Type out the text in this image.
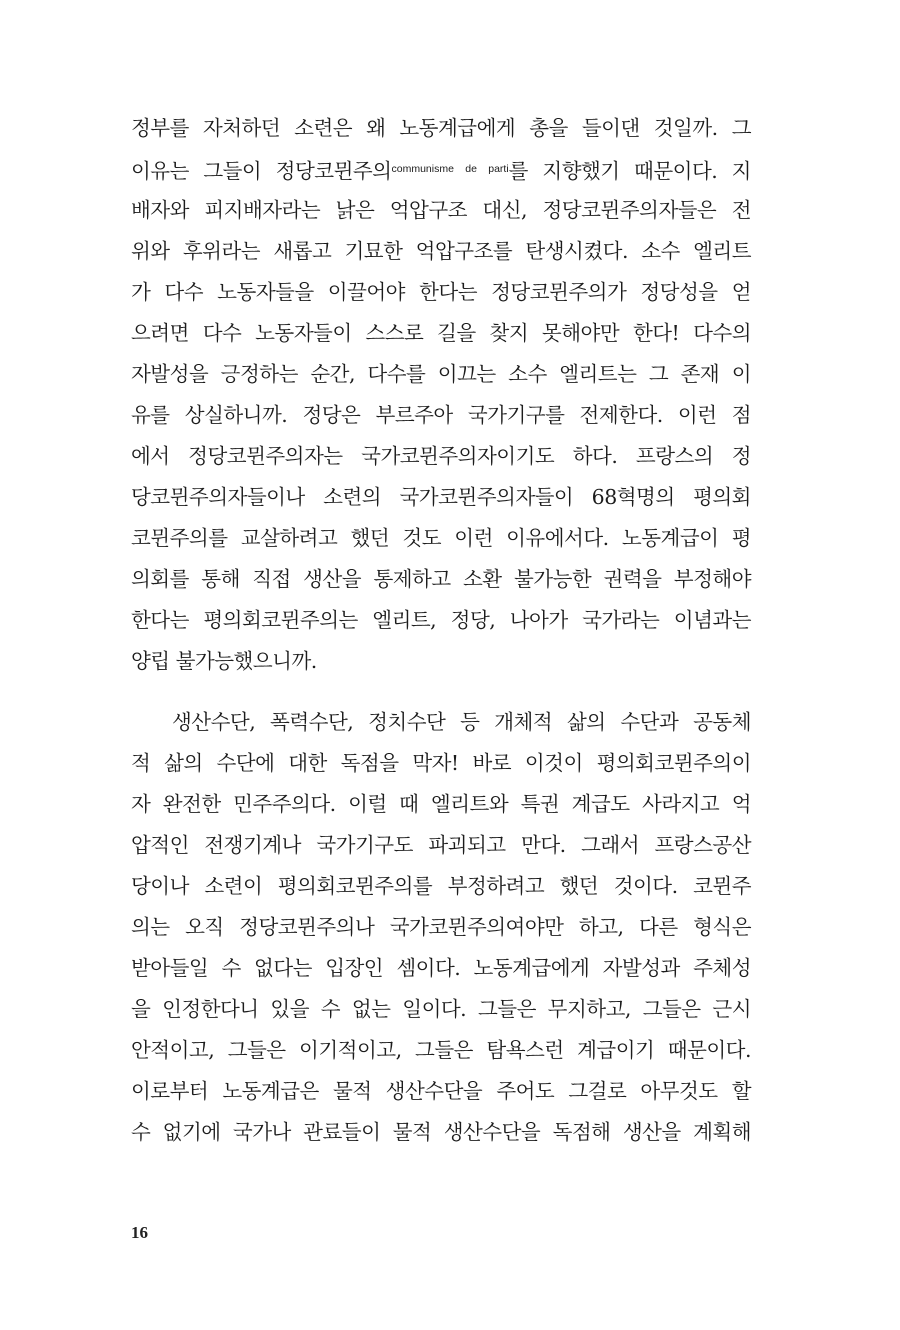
정부를 자처하던 소련은 왜 노동계급에게 총을 들이댄 것일까. 그
이유는 그들이 정당코뮌주의$^{communisme de parti}$를 지향했기 때문이다. 지
배자와 피지배자라는 낡은 억압구조 대신, 정당코뮌주의자들은 전
위와 후위라는 새롭고 기묘한 억압구조를 탄생시켰다. 소수 엘리트
가 다수 노동자들을 이끌어야 한다는 정당코뮌주의가 정당성을 얻
으려면 다수 노동자들이 스스로 길을 찾지 못해야만 한다! 다수의
자발성을 긍정하는 순간, 다수를 이끄는 소수 엘리트는 그 존재 이
유를 상실하니까. 정당은 부르주아 국가기구를 전제한다. 이런 점
에서 정당코뮌주의자는 국가코뮌주의자이기도 하다. 프랑스의 정
당코뮌주의자들이나 소련의 국가코뮌주의자들이 68혁명의 평의회
코뮌주의를 교살하려고 했던 것도 이런 이유에서다. 노동계급이 평
의회를 통해 직접 생산을 통제하고 소환 불가능한 권력을 부정해야
한다는 평의회코뮌주의는 엘리트, 정당, 나아가 국가라는 이념과는
양립 불가능했으니까.
생산수단, 폭력수단, 정치수단 등 개체적 삶의 수단과 공동체
적 삶의 수단에 대한 독점을 막자! 바로 이것이 평의회코뮌주의이
자 완전한 민주주의다. 이럴 때 엘리트와 특권 계급도 사라지고 억
압적인 전쟁기계나 국가기구도 파괴되고 만다. 그래서 프랑스공산
당이나 소련이 평의회코뮌주의를 부정하려고 했던 것이다. 코뮌주
의는 오직 정당코뮌주의나 국가코뮌주의여야만 하고, 다른 형식은
받아들일 수 없다는 입장인 셈이다. 노동계급에게 자발성과 주체성
을 인정한다니 있을 수 없는 일이다. 그들은 무지하고, 그들은 근시
안적이고, 그들은 이기적이고, 그들은 탐욕스런 계급이기 때문이다.
이로부터 노동계급은 물적 생산수단을 주어도 그걸로 아무것도 할
수 없기에 국가나 관료들이 물적 생산수단을 독점해 생산을 계획해
16
